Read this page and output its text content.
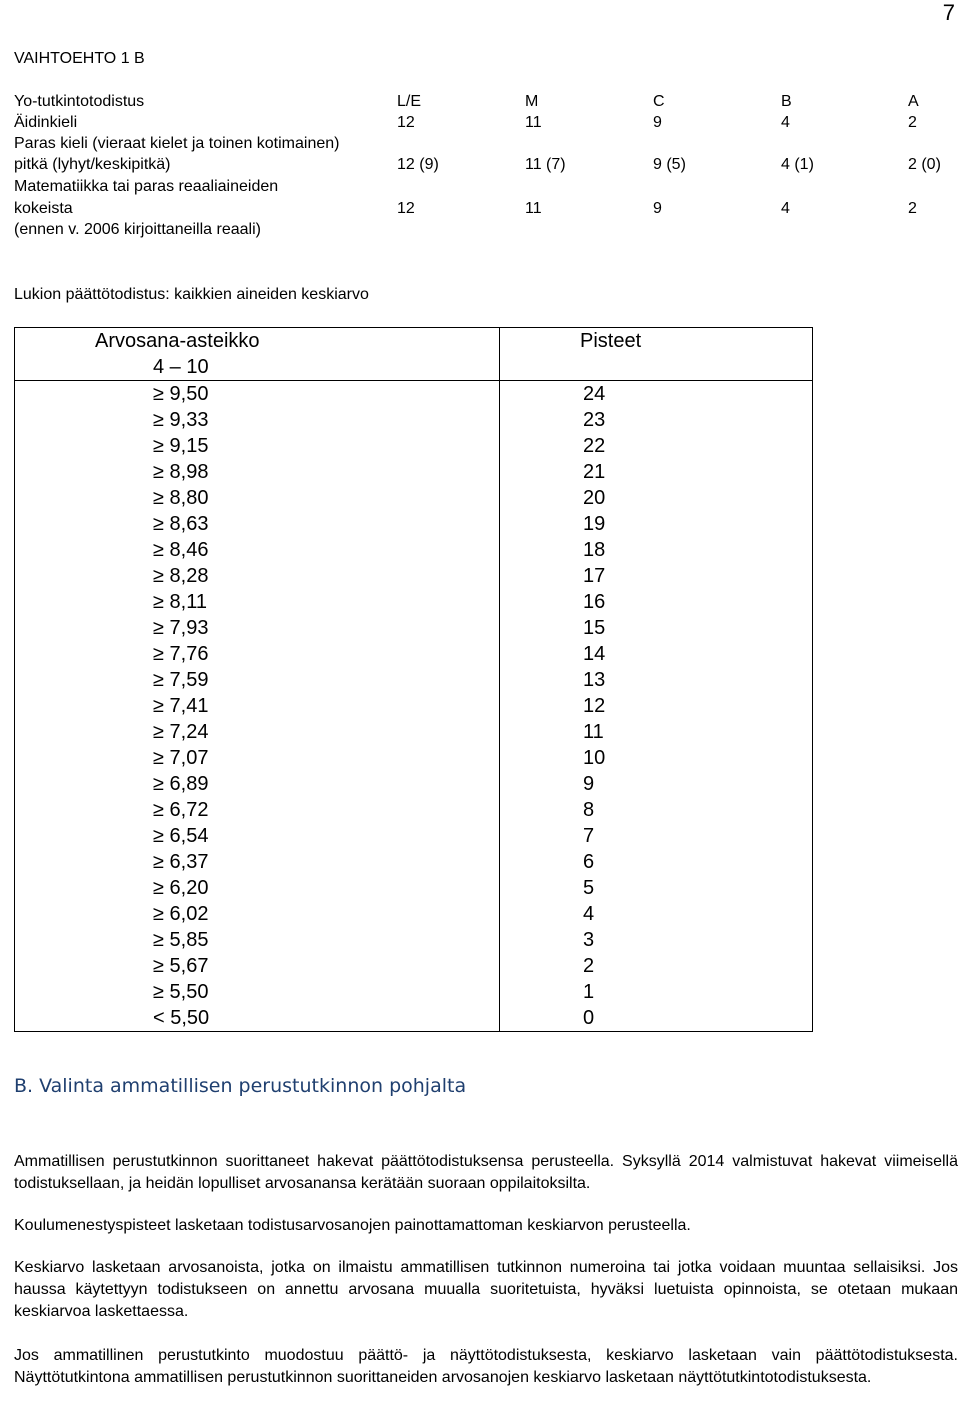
7
VAIHTOEHTO 1 B
Yo-tutkintotodistus	L/E	M	C	B	A
Äidinkieli	12	11	9	4	2
Paras kieli (vieraat kielet ja toinen kotimainen)
pitkä (lyhyt/keskipitkä)	12 (9)	11 (7)	9 (5)	4 (1)	2 (0)
Matematiikka tai paras reaaliaineiden
kokeista	12	11	9	4	2
(ennen v. 2006 kirjoittaneilla reaali)
Lukion päättötodistus: kaikkien aineiden keskiarvo
Arvosana-asteikko	Pisteet
4 – 10	
≥ 9,50	24
≥ 9,33	23
≥ 9,15	22
≥ 8,98	21
≥ 8,80	20
≥ 8,63	19
≥ 8,46	18
≥ 8,28	17
≥ 8,11	16
≥ 7,93	15
≥ 7,76	14
≥ 7,59	13
≥ 7,41	12
≥ 7,24	11
≥ 7,07	10
≥ 6,89	9
≥ 6,72	8
≥ 6,54	7
≥ 6,37	6
≥ 6,20	5
≥ 6,02	4
≥ 5,85	3
≥ 5,67	2
≥ 5,50	1
< 5,50	0
B. Valinta ammatillisen perustutkinnon pohjalta
Ammatillisen perustutkinnon suorittaneet hakevat päättötodistuksensa perusteella. Syksyllä 2014 valmistuvat hakevat viimeisellä todistuksellaan, ja heidän lopulliset arvosanansa kerätään suoraan oppilaitoksilta.
Koulumenestyspisteet lasketaan todistusarvosanojen painottamattoman keskiarvon perusteella.
Keskiarvo lasketaan arvosanoista, jotka on ilmaistu ammatillisen tutkinnon numeroina tai jotka voidaan muuntaa sellaisiksi. Jos haussa käytettyyn todistukseen on annettu arvosana muualla suoritetuista, hyväksi luetuista opinnoista, se otetaan mukaan keskiarvoa laskettaessa.
Jos ammatillinen perustutkinto muodostuu päättö- ja näyttötodistuksesta, keskiarvo lasketaan vain päättötodistuksesta. Näyttötutkintona ammatillisen perustutkinnon suorittaneiden arvosanojen keskiarvo lasketaan näyttötutkintotodistuksesta.
